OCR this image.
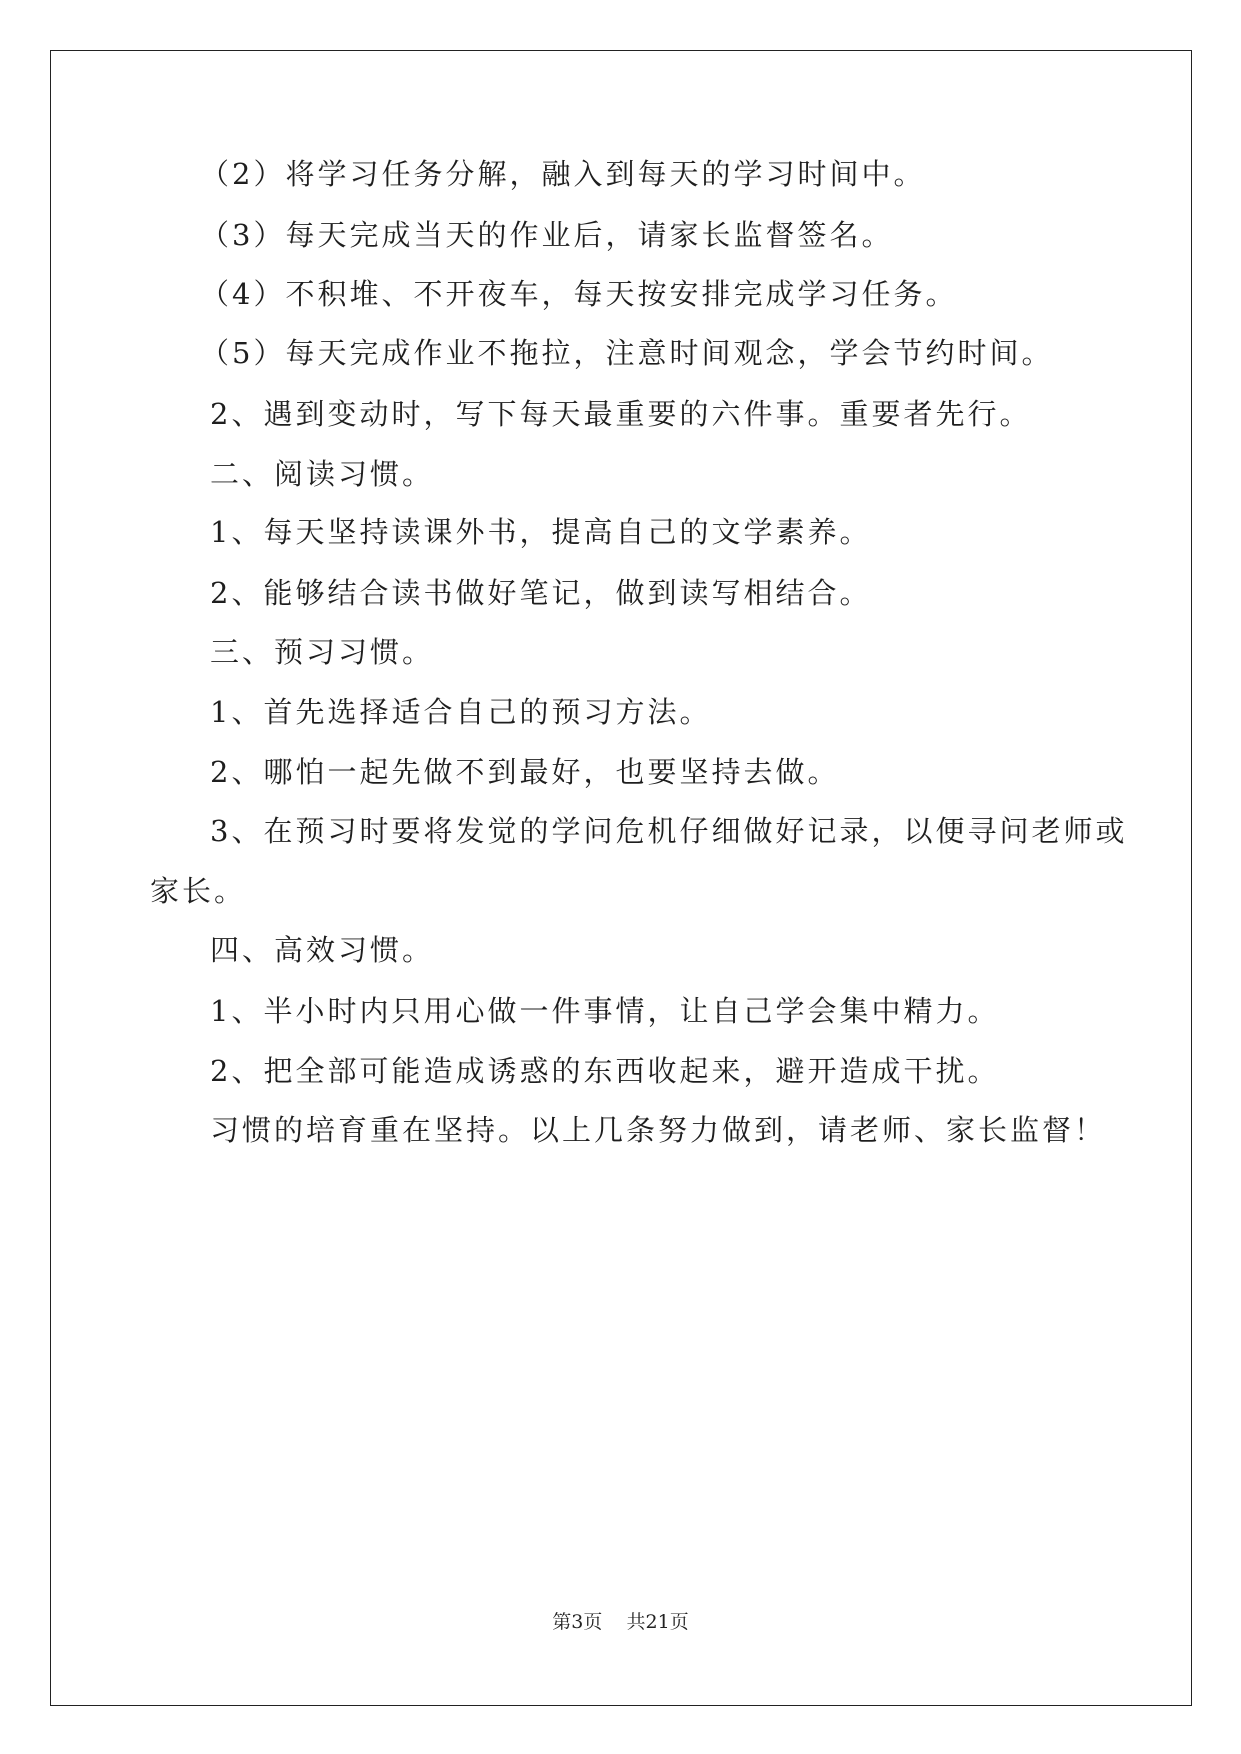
（2）将学习任务分解，融入到每天的学习时间中。
（3）每天完成当天的作业后，请家长监督签名。
（4）不积堆、不开夜车，每天按安排完成学习任务。
（5）每天完成作业不拖拉，注意时间观念，学会节约时间。
2、遇到变动时，写下每天最重要的六件事。重要者先行。
二、阅读习惯。
1、每天坚持读课外书，提高自己的文学素养。
2、能够结合读书做好笔记，做到读写相结合。
三、预习习惯。
1、首先选择适合自己的预习方法。
2、哪怕一起先做不到最好，也要坚持去做。
3、在预习时要将发觉的学问危机仔细做好记录，以便寻问老师或
家长。
四、高效习惯。
1、半小时内只用心做一件事情，让自己学会集中精力。
2、把全部可能造成诱惑的东西收起来，避开造成干扰。
习惯的培育重在坚持。以上几条努力做到，请老师、家长监督！
第3页    共21页
